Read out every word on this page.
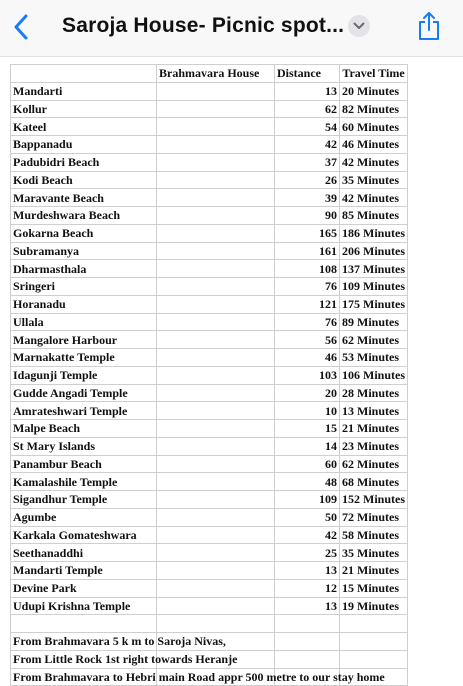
Saroja House- Picnic spot...
	Brahmavara House	Distance	Travel Time
Mandarti		13	20 Minutes
Kollur		62	82 Minutes
Kateel		54	60 Minutes
Bappanadu		42	46 Minutes
Padubidri Beach		37	42 Minutes
Kodi Beach		26	35 Minutes
Maravante Beach		39	42 Minutes
Murdeshwara Beach		90	85 Minutes
Gokarna Beach		165	186 Minutes
Subramanya		161	206 Minutes
Dharmasthala		108	137 Minutes
Sringeri		76	109 Minutes
Horanadu		121	175 Minutes
Ullala		76	89 Minutes
Mangalore Harbour		56	62 Minutes
Marnakatte Temple		46	53 Minutes
Idagunji Temple		103	106 Minutes
Gudde Angadi Temple		20	28 Minutes
Amrateshwari Temple		10	13 Minutes
Malpe Beach		15	21 Minutes
St Mary Islands		14	23 Minutes
Panambur Beach		60	62 Minutes
Kamalashile Temple		48	68 Minutes
Sigandhur Temple		109	152 Minutes
Agumbe		50	72 Minutes
Karkala Gomateshwara		42	58 Minutes
Seethanaddhi		25	35 Minutes
Mandarti Temple		13	21 Minutes
Devine Park		12	15 Minutes
Udupi Krishna Temple		13	19 Minutes

From Brahmavara 5 k m to Saroja Nivas,			

From Little Rock 1st right towards Heranje			

From Brahmavara to Hebri main Road appr 500 metre to our stay home			
